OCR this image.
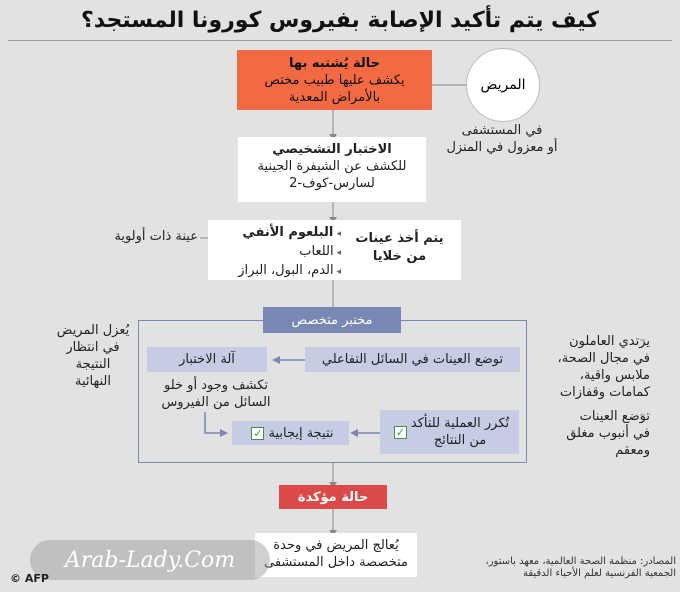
كيف يتم تأكيد الإصابة بفيروس كورونا المستجد؟
المريض
في المستشفى
أو معزول في المنزل
حالة يُشتبه بها
يكشف عليها طبيب مختص
بالأمراض المعدية
الاختبار التشخيصي
للكشف عن الشيفرة الجينية
لسارس-كوف-2
يتم أخذ عينات
من خلايا
◂ البلعوم الأنفي
◂ اللعاب
◂ الدم، البول، البراز
عينة ذات أولوية
مختبر متخصص
توضع العينات في السائل التفاعلي
آلة الاختبار
تكشف وجود أو خلو
السائل من الفيروس
نتيجة إيجابية
✓
تُكرر العملية للتأكد
من النتائج
✓
يُعزل المريض
في انتظار النتيجة
النهائية
يرتدي العاملون
في مجال الصحة،
ملابس واقية،
كمامات وقفازات
توضع العينات
في أنبوب مغلق
ومعقم
حالة مؤكدة
يُعالج المريض في وحدة
متخصصة داخل المستشفى	المصادر: منظمة الصحة العالمية، معهد باستور،
الجمعية الفرنسية لعلم الأحياء الدقيقة
Arab-Lady.Com
© AFP
